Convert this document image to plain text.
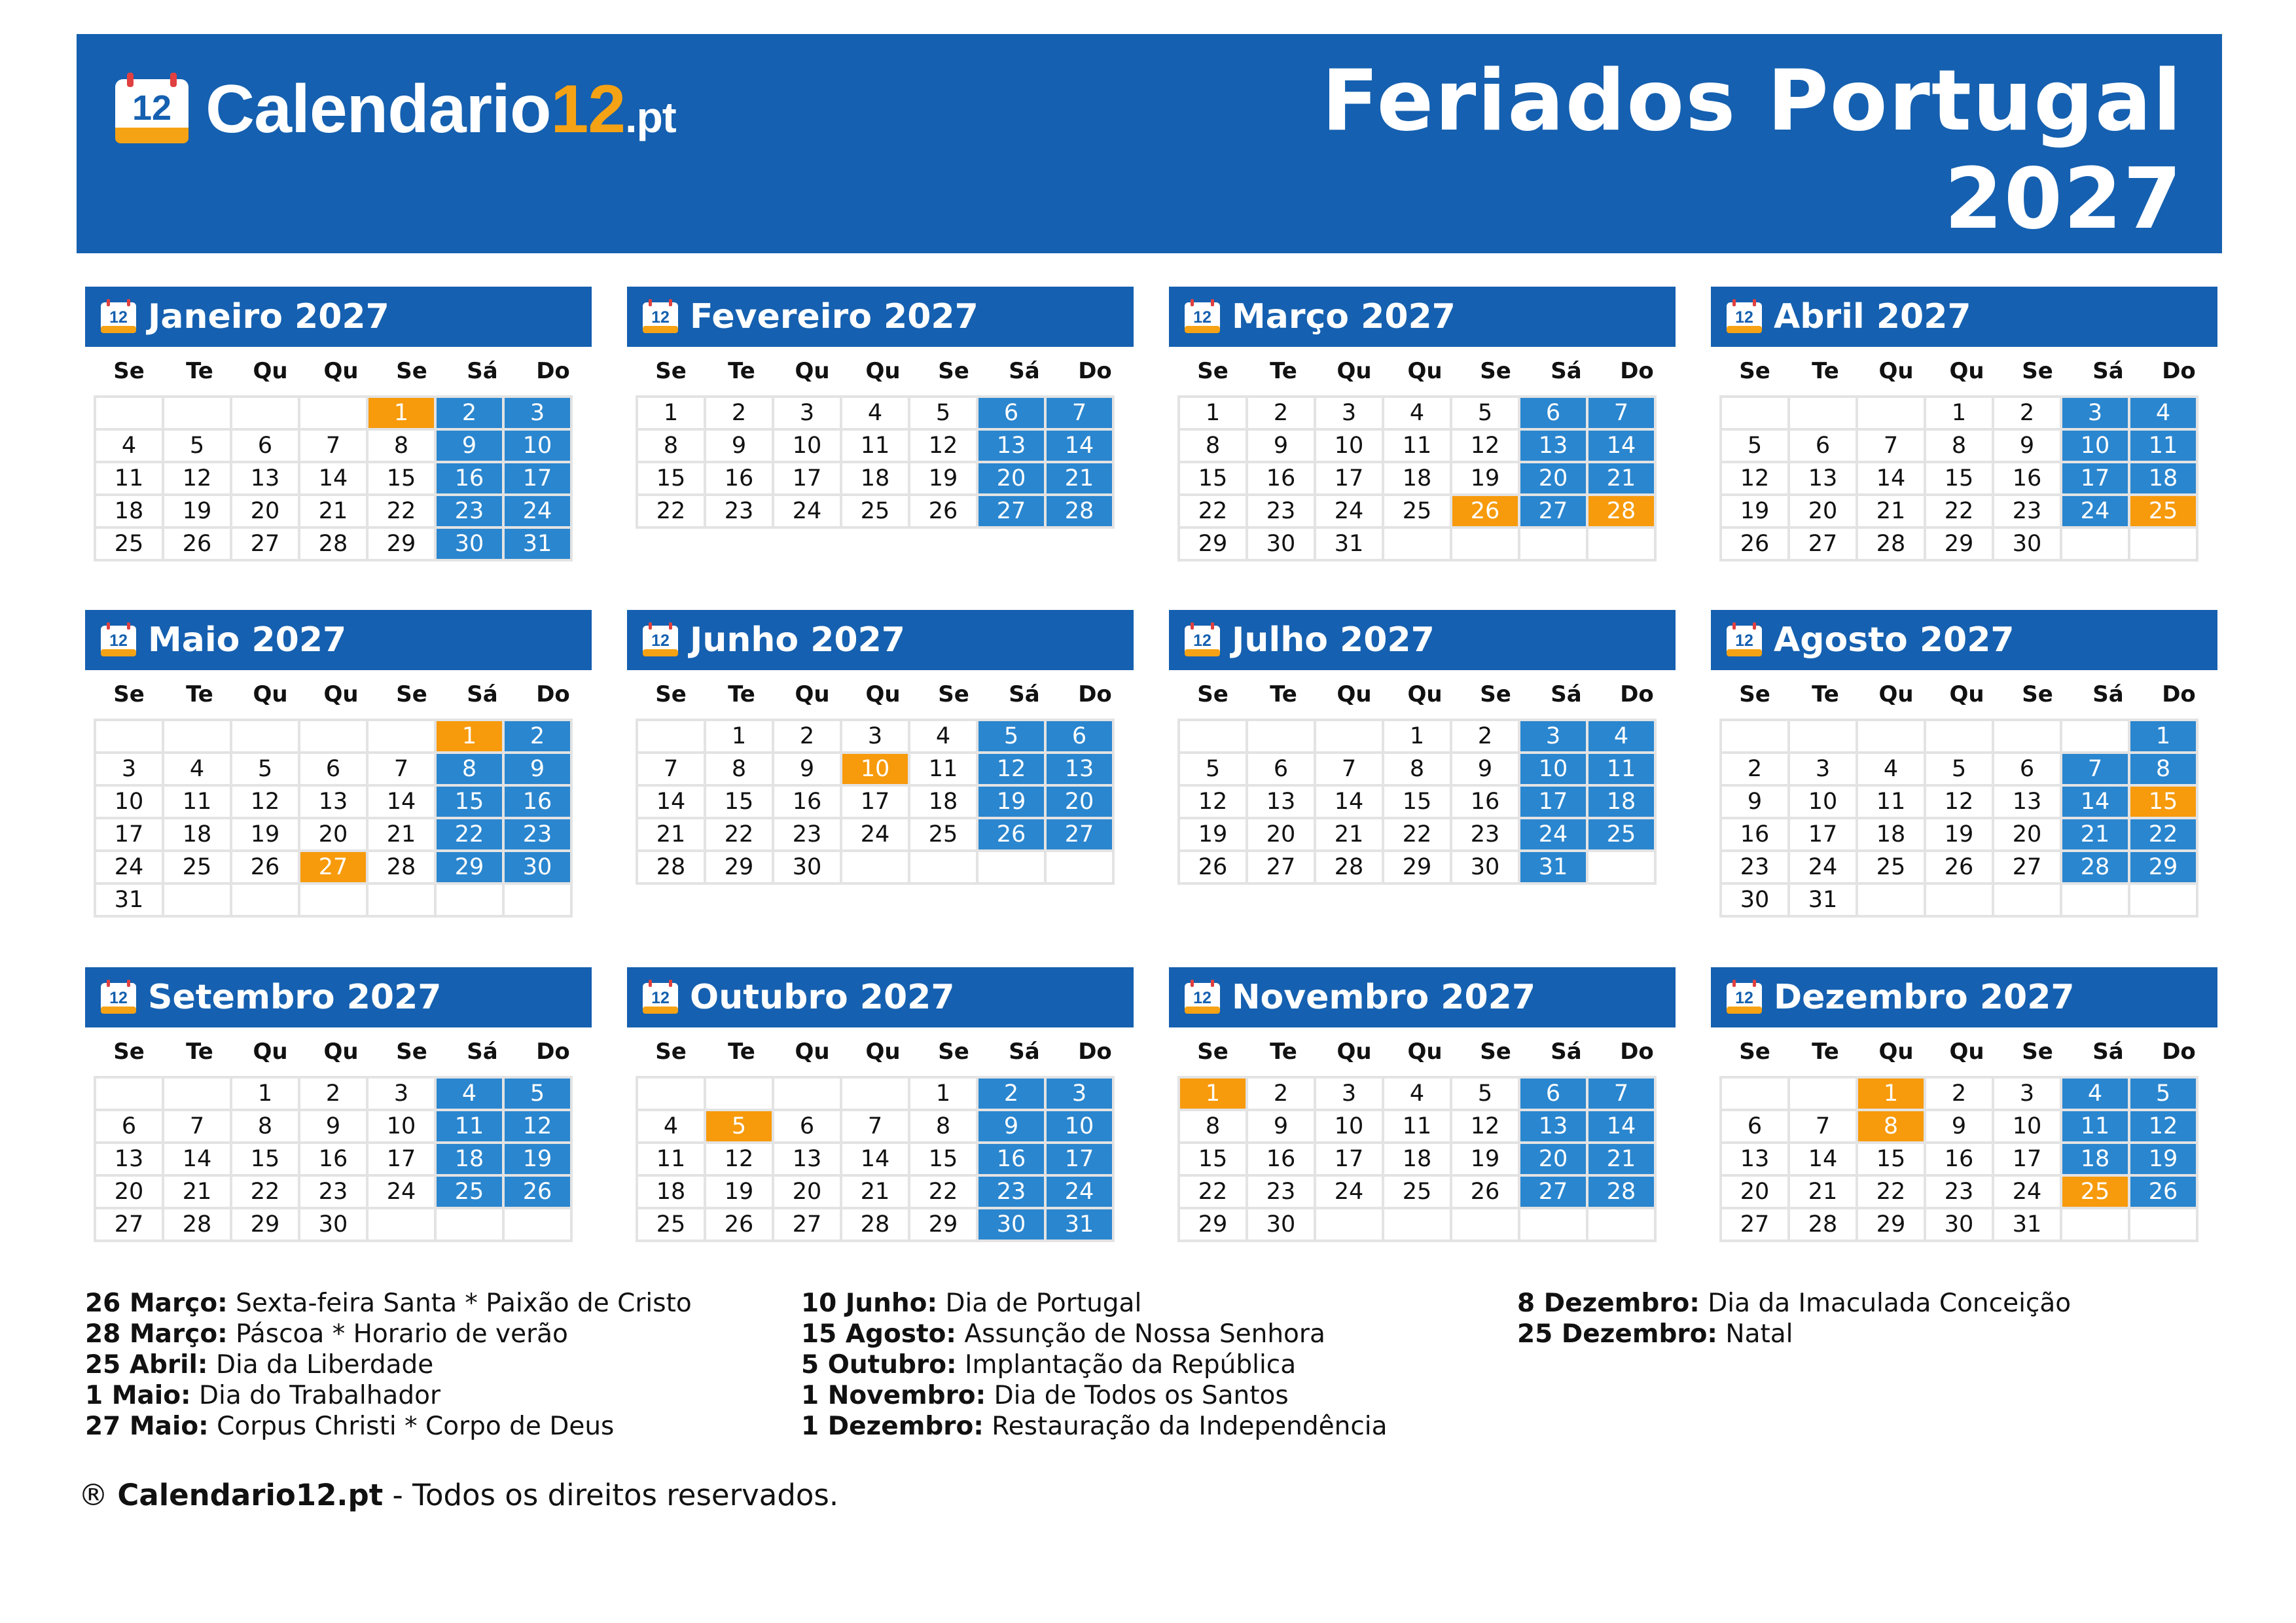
12 Calendario12.pt	Feriados Portugal
2027
12 Janeiro 2027
Se	Te	Qu	Qu	Se	Sá	Do
				1	2	3
4	5	6	7	8	9	10
11	12	13	14	15	16	17
18	19	20	21	22	23	24
25	26	27	28	29	30	31
12 Fevereiro 2027
Se	Te	Qu	Qu	Se	Sá	Do
1	2	3	4	5	6	7
8	9	10	11	12	13	14
15	16	17	18	19	20	21
22	23	24	25	26	27	28
12 Março 2027
Se	Te	Qu	Qu	Se	Sá	Do
1	2	3	4	5	6	7
8	9	10	11	12	13	14
15	16	17	18	19	20	21
22	23	24	25	26	27	28
29	30	31				
12 Abril 2027
Se	Te	Qu	Qu	Se	Sá	Do
			1	2	3	4
5	6	7	8	9	10	11
12	13	14	15	16	17	18
19	20	21	22	23	24	25
26	27	28	29	30		
12 Maio 2027
Se	Te	Qu	Qu	Se	Sá	Do
					1	2
3	4	5	6	7	8	9
10	11	12	13	14	15	16
17	18	19	20	21	22	23
24	25	26	27	28	29	30
31						
12 Junho 2027
Se	Te	Qu	Qu	Se	Sá	Do
	1	2	3	4	5	6
7	8	9	10	11	12	13
14	15	16	17	18	19	20
21	22	23	24	25	26	27
28	29	30				
12 Julho 2027
Se	Te	Qu	Qu	Se	Sá	Do
			1	2	3	4
5	6	7	8	9	10	11
12	13	14	15	16	17	18
19	20	21	22	23	24	25
26	27	28	29	30	31	
12 Agosto 2027
Se	Te	Qu	Qu	Se	Sá	Do
						1
2	3	4	5	6	7	8
9	10	11	12	13	14	15
16	17	18	19	20	21	22
23	24	25	26	27	28	29
30	31					
12 Setembro 2027
Se	Te	Qu	Qu	Se	Sá	Do
		1	2	3	4	5
6	7	8	9	10	11	12
13	14	15	16	17	18	19
20	21	22	23	24	25	26
27	28	29	30			
12 Outubro 2027
Se	Te	Qu	Qu	Se	Sá	Do
				1	2	3
4	5	6	7	8	9	10
11	12	13	14	15	16	17
18	19	20	21	22	23	24
25	26	27	28	29	30	31
12 Novembro 2027
Se	Te	Qu	Qu	Se	Sá	Do
1	2	3	4	5	6	7
8	9	10	11	12	13	14
15	16	17	18	19	20	21
22	23	24	25	26	27	28
29	30					
12 Dezembro 2027
Se	Te	Qu	Qu	Se	Sá	Do
		1	2	3	4	5
6	7	8	9	10	11	12
13	14	15	16	17	18	19
20	21	22	23	24	25	26
27	28	29	30	31		
26 Março: Sexta-feira Santa * Paixão de Cristo
28 Março: Páscoa * Horario de verão
25 Abril: Dia da Liberdade
1 Maio: Dia do Trabalhador
27 Maio: Corpus Christi * Corpo de Deus
10 Junho: Dia de Portugal
15 Agosto: Assunção de Nossa Senhora
5 Outubro: Implantação da República
1 Novembro: Dia de Todos os Santos
1 Dezembro: Restauração da Independência
8 Dezembro: Dia da Imaculada Conceição
25 Dezembro: Natal
® Calendario12.pt - Todos os direitos reservados.
